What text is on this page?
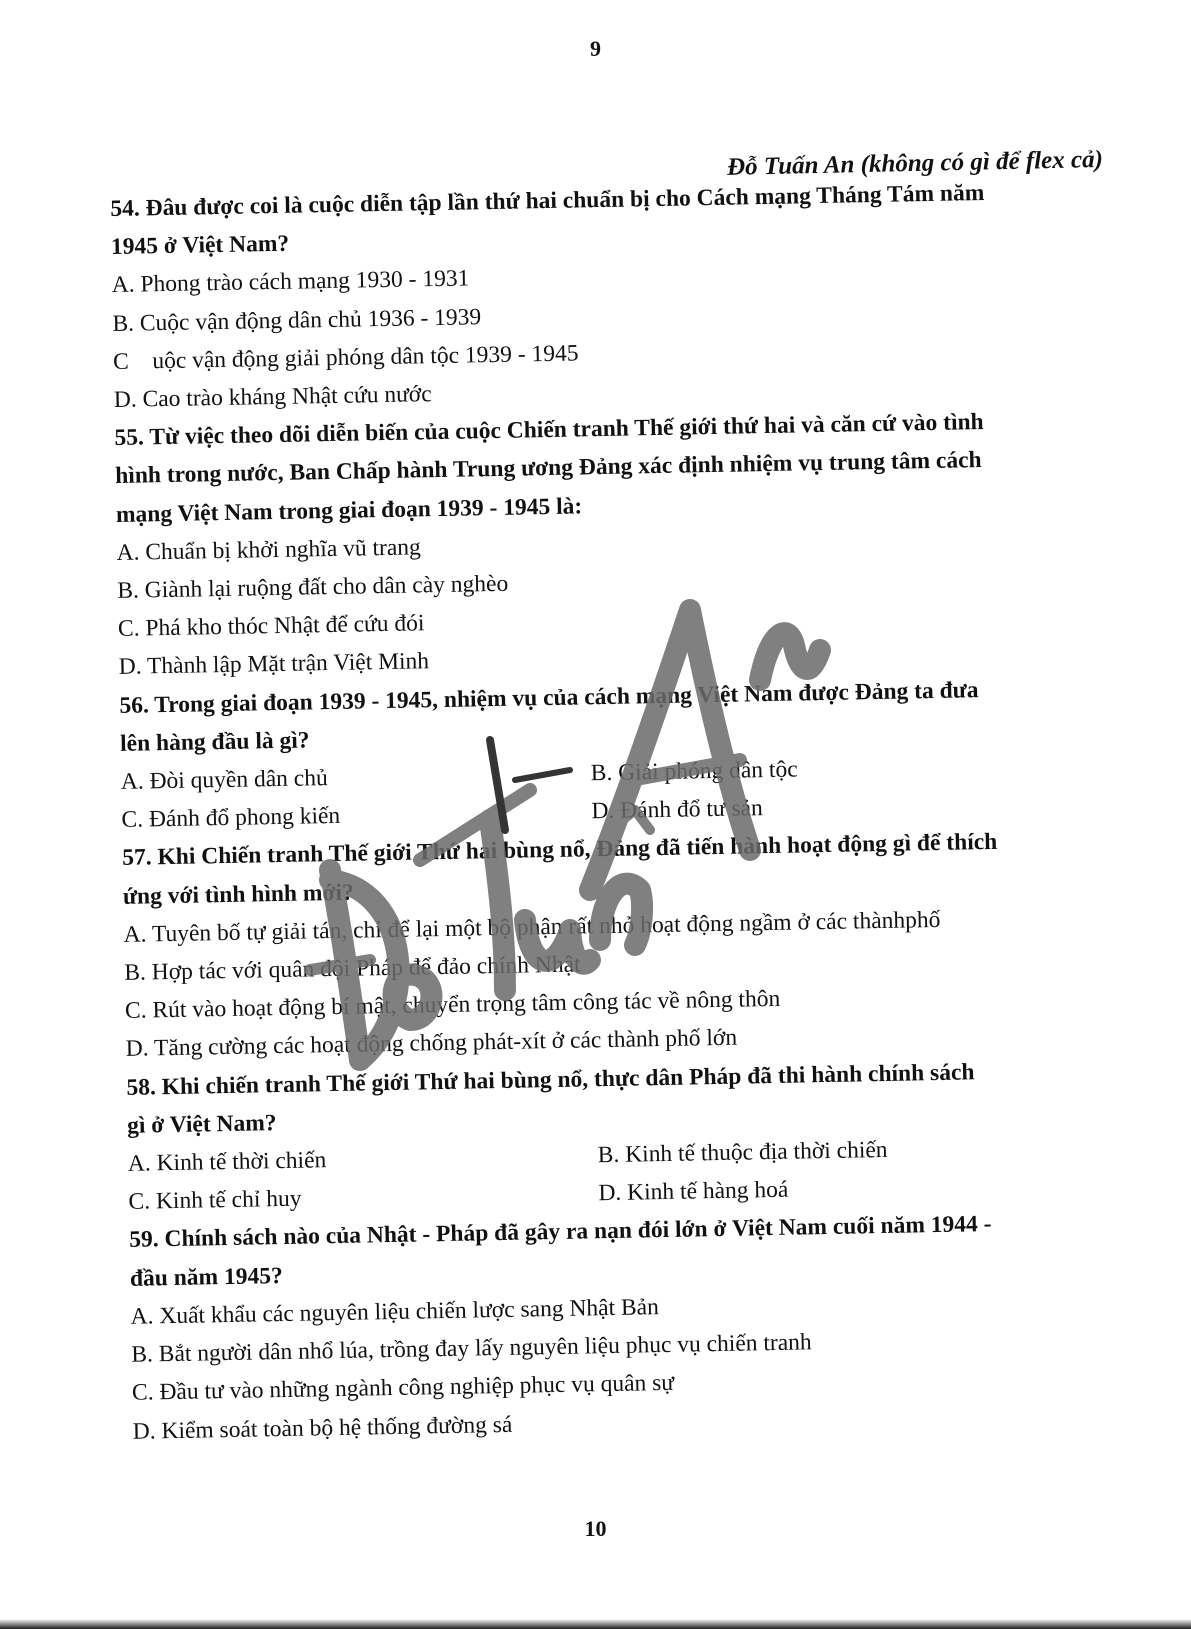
9
Đỗ Tuấn An (không có gì để flex cả)
54. Đâu được coi là cuộc diễn tập lần thứ hai chuẩn bị cho Cách mạng Tháng Tám năm
1945 ở Việt Nam?
A. Phong trào cách mạng 1930 - 1931
B. Cuộc vận động dân chủ 1936 - 1939
C    uộc vận động giải phóng dân tộc 1939 - 1945
D. Cao trào kháng Nhật cứu nước
55. Từ việc theo dõi diễn biến của cuộc Chiến tranh Thế giới thứ hai và căn cứ vào tình
hình trong nước, Ban Chấp hành Trung ương Đảng xác định nhiệm vụ trung tâm cách
mạng Việt Nam trong giai đoạn 1939 - 1945 là:
A. Chuẩn bị khởi nghĩa vũ trang
B. Giành lại ruộng đất cho dân cày nghèo
C. Phá kho thóc Nhật để cứu đói
D. Thành lập Mặt trận Việt Minh
56. Trong giai đoạn 1939 - 1945, nhiệm vụ của cách mạng Việt Nam được Đảng ta đưa
lên hàng đầu là gì?
A. Đòi quyền dân chủ	B. Giải phóng dân tộc
C. Đánh đổ phong kiến	D. Đánh đổ tư sản
57. Khi Chiến tranh Thế giới Thứ hai bùng nổ, Đảng đã tiến hành hoạt động gì để thích
ứng với tình hình mới?
A. Tuyên bố tự giải tán, chỉ để lại một bộ phận rất nhỏ hoạt động ngầm ở các thànhphố
B. Hợp tác với quân đội Pháp để đảo chính Nhật
C. Rút vào hoạt động bí mật, chuyển trọng tâm công tác về nông thôn
D. Tăng cường các hoạt động chống phát-xít ở các thành phố lớn
58. Khi chiến tranh Thế giới Thứ hai bùng nổ, thực dân Pháp đã thi hành chính sách
gì ở Việt Nam?
A. Kinh tế thời chiến	B. Kinh tế thuộc địa thời chiến
C. Kinh tế chỉ huy	D. Kinh tế hàng hoá
59. Chính sách nào của Nhật - Pháp đã gây ra nạn đói lớn ở Việt Nam cuối năm 1944 -
đầu năm 1945?
A. Xuất khẩu các nguyên liệu chiến lược sang Nhật Bản
B. Bắt người dân nhổ lúa, trồng đay lấy nguyên liệu phục vụ chiến tranh
C. Đầu tư vào những ngành công nghiệp phục vụ quân sự
D. Kiểm soát toàn bộ hệ thống đường sá
10
